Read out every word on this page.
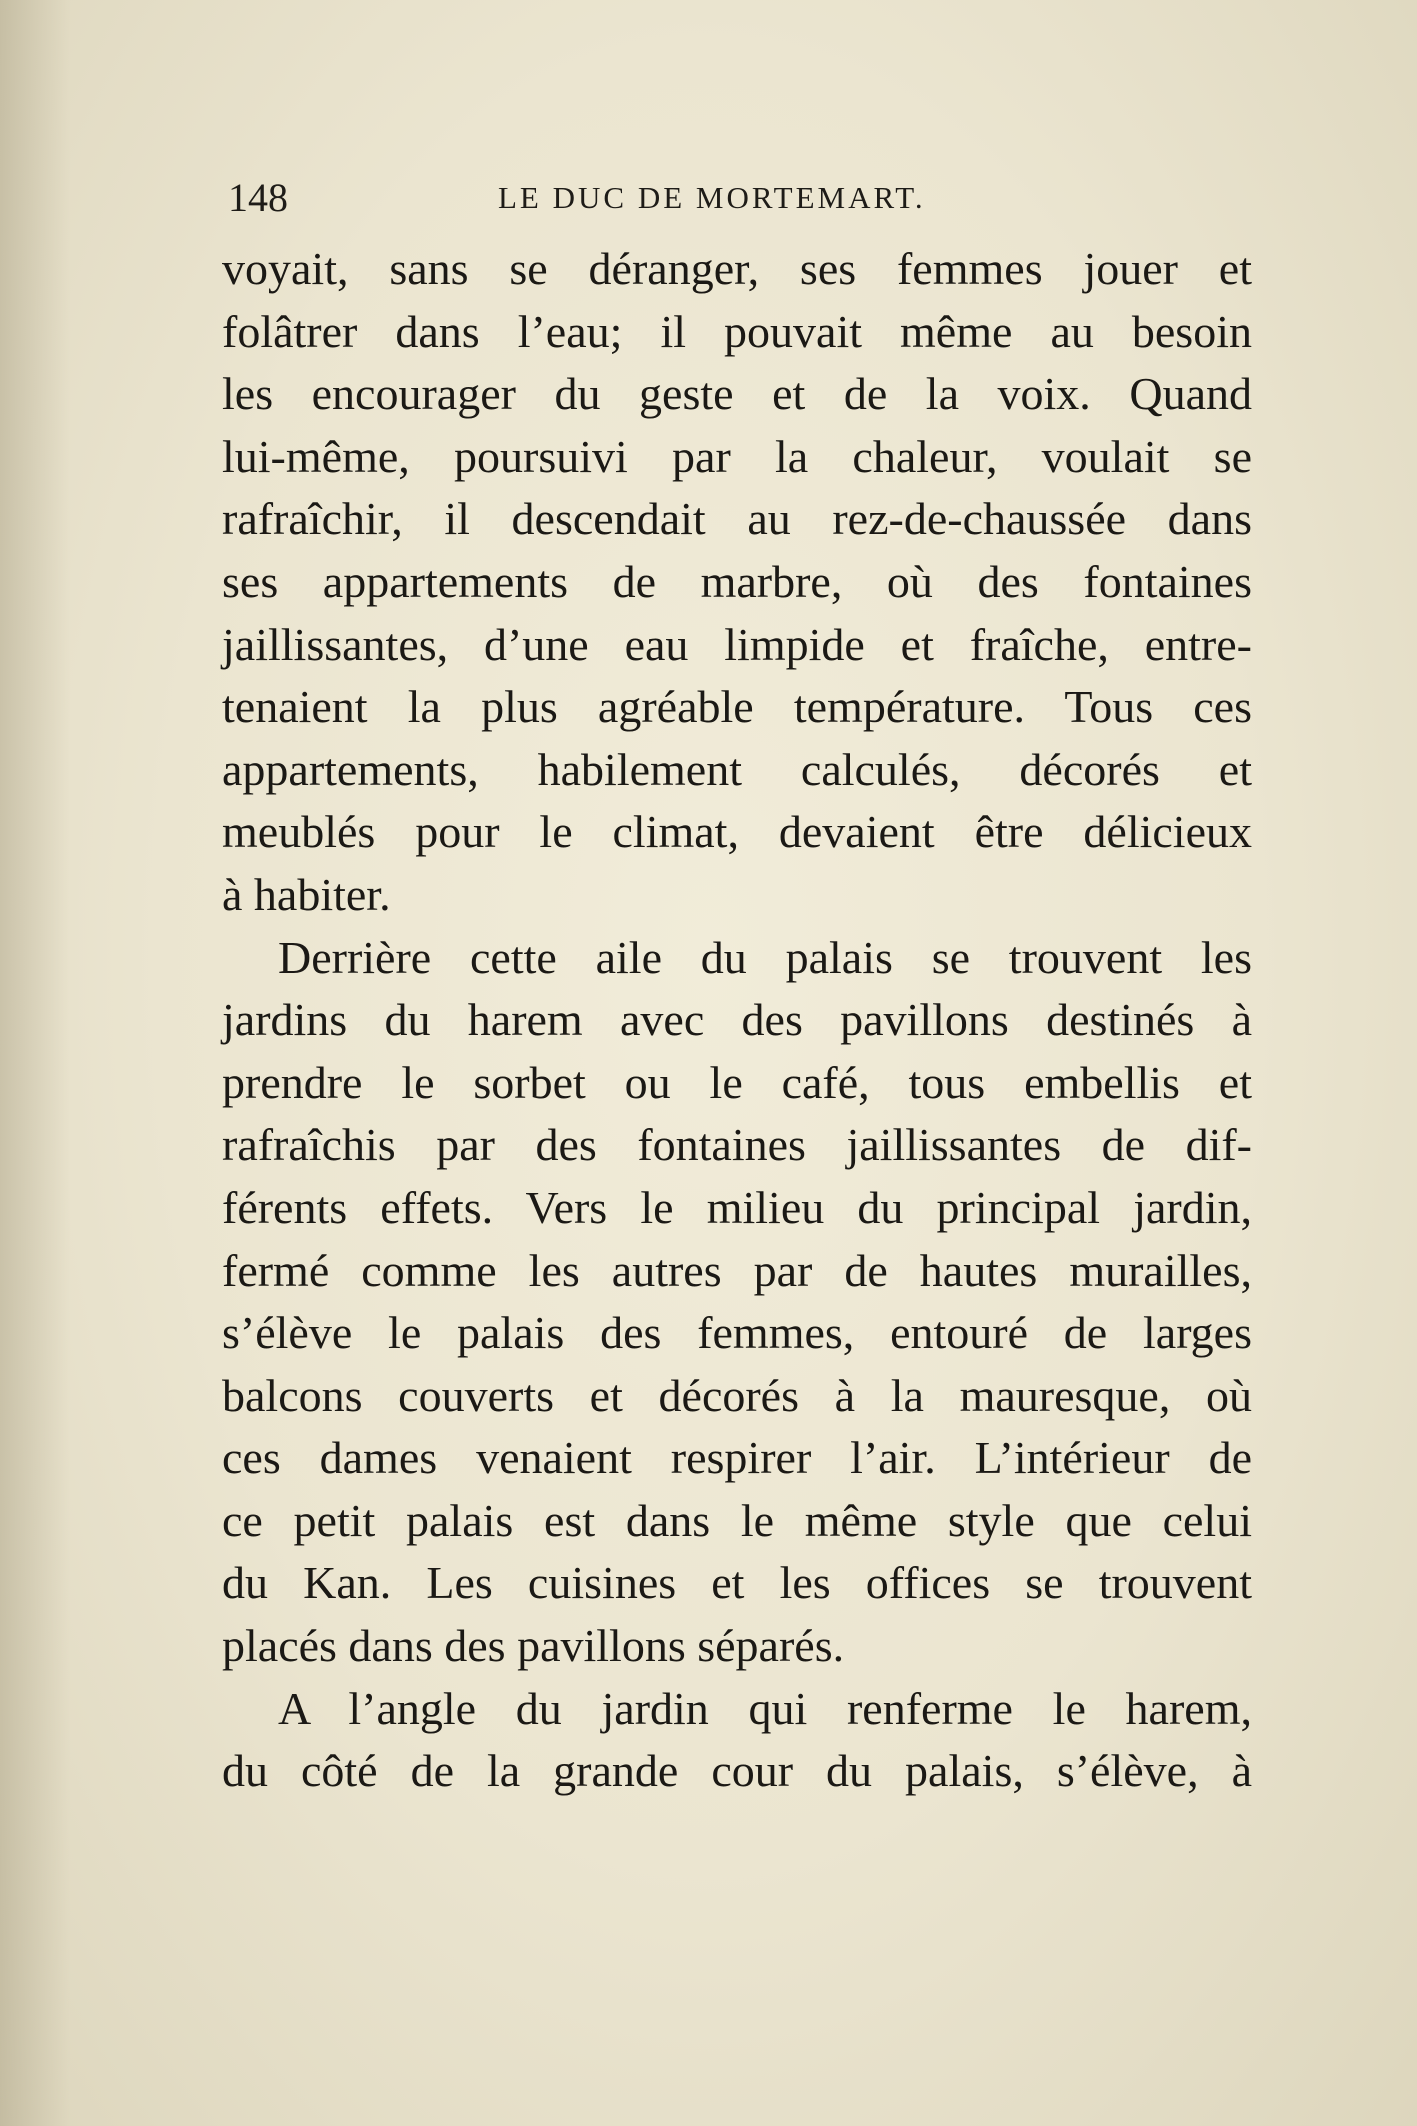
148	LE DUC DE MORTEMART.
voyait, sans se déranger, ses femmes jouer et
folâtrer dans l’eau; il pouvait même au besoin
les encourager du geste et de la voix. Quand
lui-même, poursuivi par la chaleur, voulait se
rafraîchir, il descendait au rez-de-chaussée dans
ses appartements de marbre, où des fontaines
jaillissantes, d’une eau limpide et fraîche, entre-
tenaient la plus agréable température. Tous ces
appartements, habilement calculés, décorés et
meublés pour le climat, devaient être délicieux
à habiter.
Derrière cette aile du palais se trouvent les
jardins du harem avec des pavillons destinés à
prendre le sorbet ou le café, tous embellis et
rafraîchis par des fontaines jaillissantes de dif-
férents effets. Vers le milieu du principal jardin,
fermé comme les autres par de hautes murailles,
s’élève le palais des femmes, entouré de larges
balcons couverts et décorés à la mauresque, où
ces dames venaient respirer l’air. L’intérieur de
ce petit palais est dans le même style que celui
du Kan. Les cuisines et les offices se trouvent
placés dans des pavillons séparés.
A l’angle du jardin qui renferme le harem,
du côté de la grande cour du palais, s’élève, à
